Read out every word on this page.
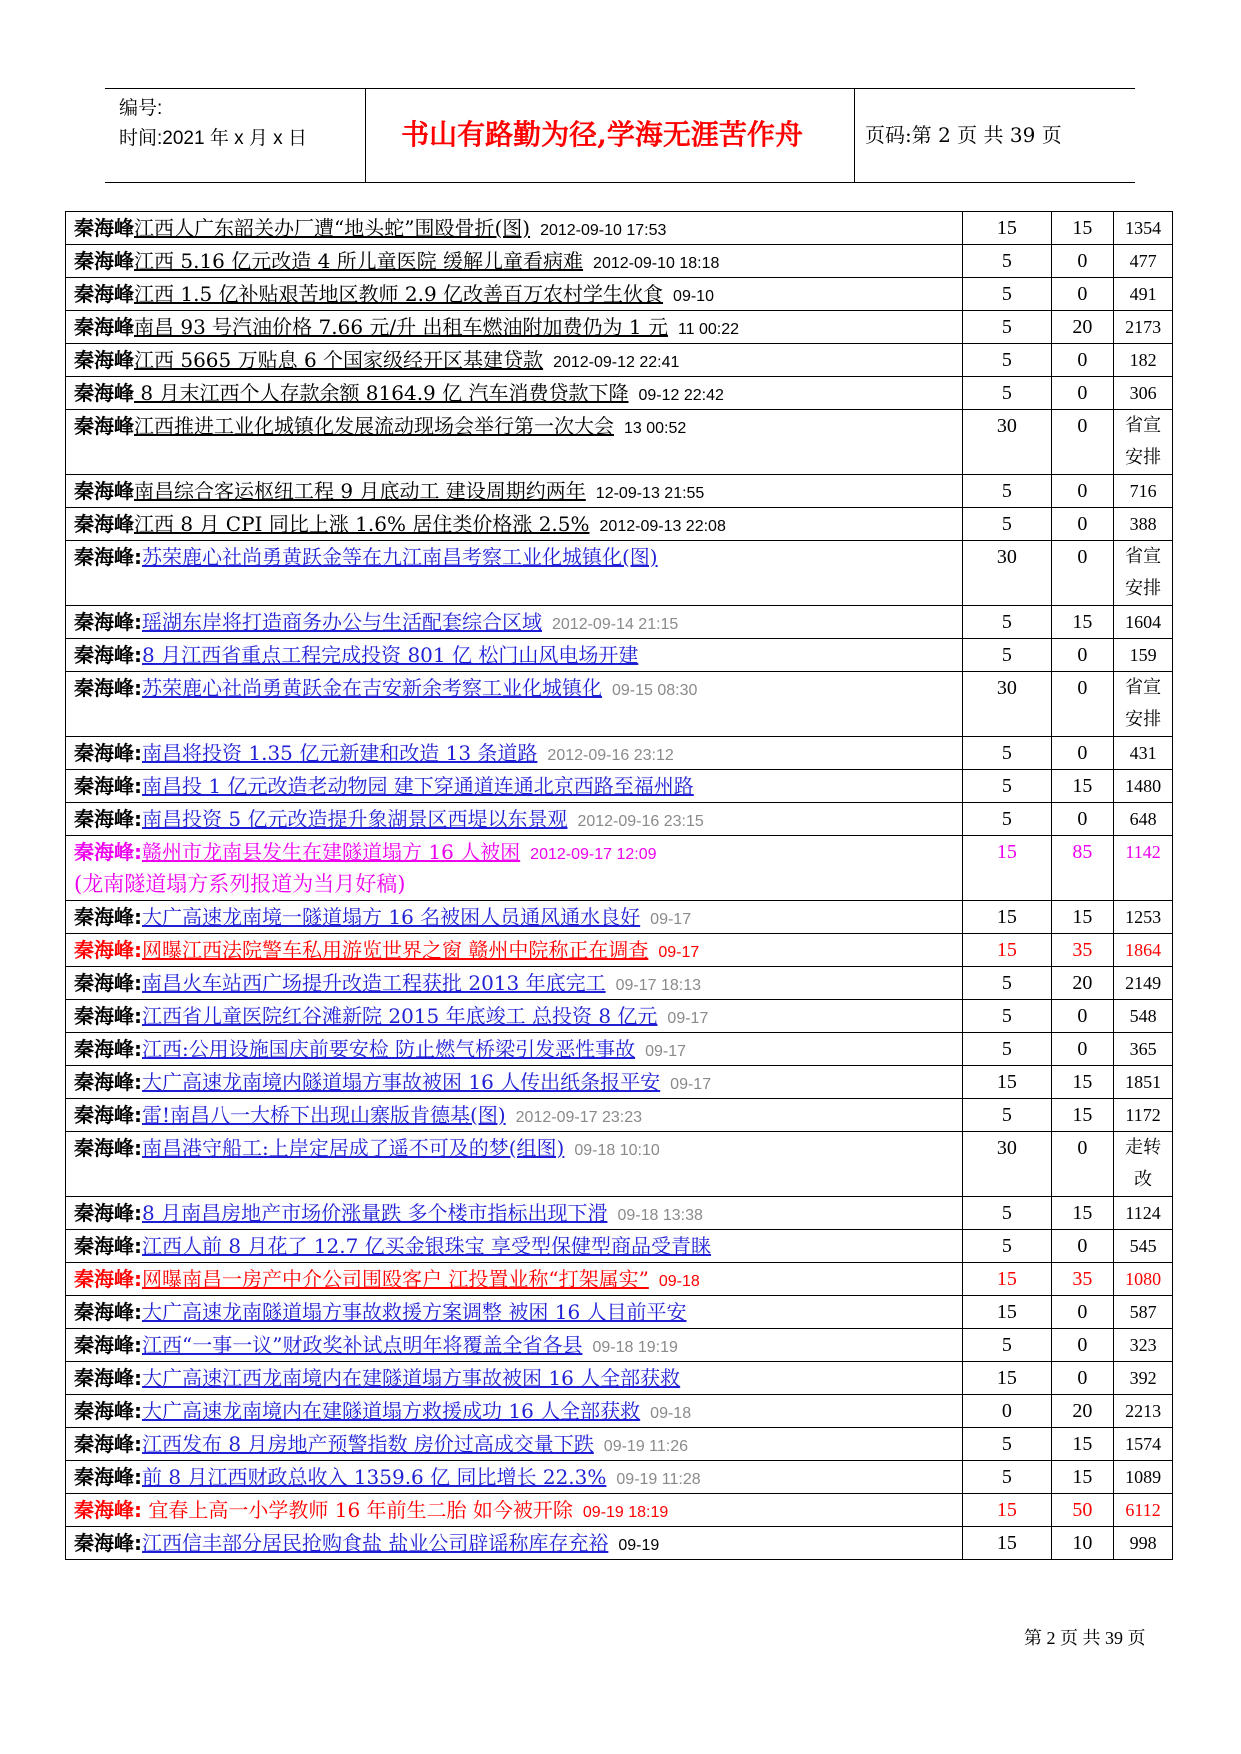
编号:
时间:2021 年 x 月 x 日	书山有路勤为径,学海无涯苦作舟	页码:第 2 页 共 39 页
秦海峰江西人广东韶关办厂遭“地头蛇”围殴骨折(图) 2012-09-10 17:53	15	15	1354

秦海峰江西 5.16 亿元改造 4 所儿童医院 缓解儿童看病难 2012-09-10 18:18	5	0	477

秦海峰江西 1.5 亿补贴艰苦地区教师 2.9 亿改善百万农村学生伙食 09-10	5	0	491

秦海峰南昌 93 号汽油价格 7.66 元/升 出租车燃油附加费仍为 1 元 11 00:22	5	20	2173

秦海峰江西 5665 万贴息 6 个国家级经开区基建贷款 2012-09-12 22:41	5	0	182

秦海峰 8 月末江西个人存款余额 8164.9 亿 汽车消费贷款下降 09-12 22:42	5	0	306

秦海峰江西推进工业化城镇化发展流动现场会举行第一次大会 13 00:52	30	0	省宣
安排

秦海峰南昌综合客运枢纽工程 9 月底动工 建设周期约两年 12-09-13 21:55	5	0	716

秦海峰江西 8 月 CPI 同比上涨 1.6% 居住类价格涨 2.5% 2012-09-13 22:08	5	0	388

秦海峰:苏荣鹿心社尚勇黄跃金等在九江南昌考察工业化城镇化(图)	30	0	省宣
安排

秦海峰:瑶湖东岸将打造商务办公与生活配套综合区域 2012-09-14 21:15	5	15	1604

秦海峰:8 月江西省重点工程完成投资 801 亿 松门山风电场开建	5	0	159

秦海峰:苏荣鹿心社尚勇黄跃金在吉安新余考察工业化城镇化 09-15 08:30	30	0	省宣
安排

秦海峰:南昌将投资 1.35 亿元新建和改造 13 条道路 2012-09-16 23:12	5	0	431

秦海峰:南昌投 1 亿元改造老动物园 建下穿通道连通北京西路至福州路	5	15	1480

秦海峰:南昌投资 5 亿元改造提升象湖景区西堤以东景观 2012-09-16 23:15	5	0	648

秦海峰:赣州市龙南县发生在建隧道塌方 16 人被困 2012-09-17 12:09
(龙南隧道塌方系列报道为当月好稿)	15	85	1142

秦海峰:大广高速龙南境一隧道塌方 16 名被困人员通风通水良好 09-17	15	15	1253

秦海峰:网曝江西法院警车私用游览世界之窗 赣州中院称正在调查 09-17	15	35	1864

秦海峰:南昌火车站西广场提升改造工程获批 2013 年底完工 09-17 18:13	5	20	2149

秦海峰:江西省儿童医院红谷滩新院 2015 年底竣工 总投资 8 亿元 09-17	5	0	548

秦海峰:江西:公用设施国庆前要安检 防止燃气桥梁引发恶性事故 09-17	5	0	365

秦海峰:大广高速龙南境内隧道塌方事故被困 16 人传出纸条报平安 09-17	15	15	1851

秦海峰:雷!南昌八一大桥下出现山寨版肯德基(图) 2012-09-17 23:23	5	15	1172

秦海峰:南昌港守船工:上岸定居成了遥不可及的梦(组图) 09-18 10:10	30	0	走转
改

秦海峰:8 月南昌房地产市场价涨量跌 多个楼市指标出现下滑 09-18 13:38	5	15	1124

秦海峰:江西人前 8 月花了 12.7 亿买金银珠宝 享受型保健型商品受青睐	5	0	545

秦海峰:网曝南昌一房产中介公司围殴客户 江投置业称“打架属实” 09-18	15	35	1080

秦海峰:大广高速龙南隧道塌方事故救援方案调整 被困 16 人目前平安	15	0	587

秦海峰:江西“一事一议”财政奖补试点明年将覆盖全省各县 09-18 19:19	5	0	323

秦海峰:大广高速江西龙南境内在建隧道塌方事故被困 16 人全部获救	15	0	392

秦海峰:大广高速龙南境内在建隧道塌方救援成功 16 人全部获救 09-18	0	20	2213

秦海峰:江西发布 8 月房地产预警指数 房价过高成交量下跌 09-19 11:26	5	15	1574

秦海峰:前 8 月江西财政总收入 1359.6 亿 同比增长 22.3% 09-19 11:28	5	15	1089

秦海峰: 宜春上高一小学教师 16 年前生二胎 如今被开除 09-19 18:19	15	50	6112

秦海峰:江西信丰部分居民抢购食盐 盐业公司辟谣称库存充裕 09-19	15	10	998
第 2 页 共 39 页
